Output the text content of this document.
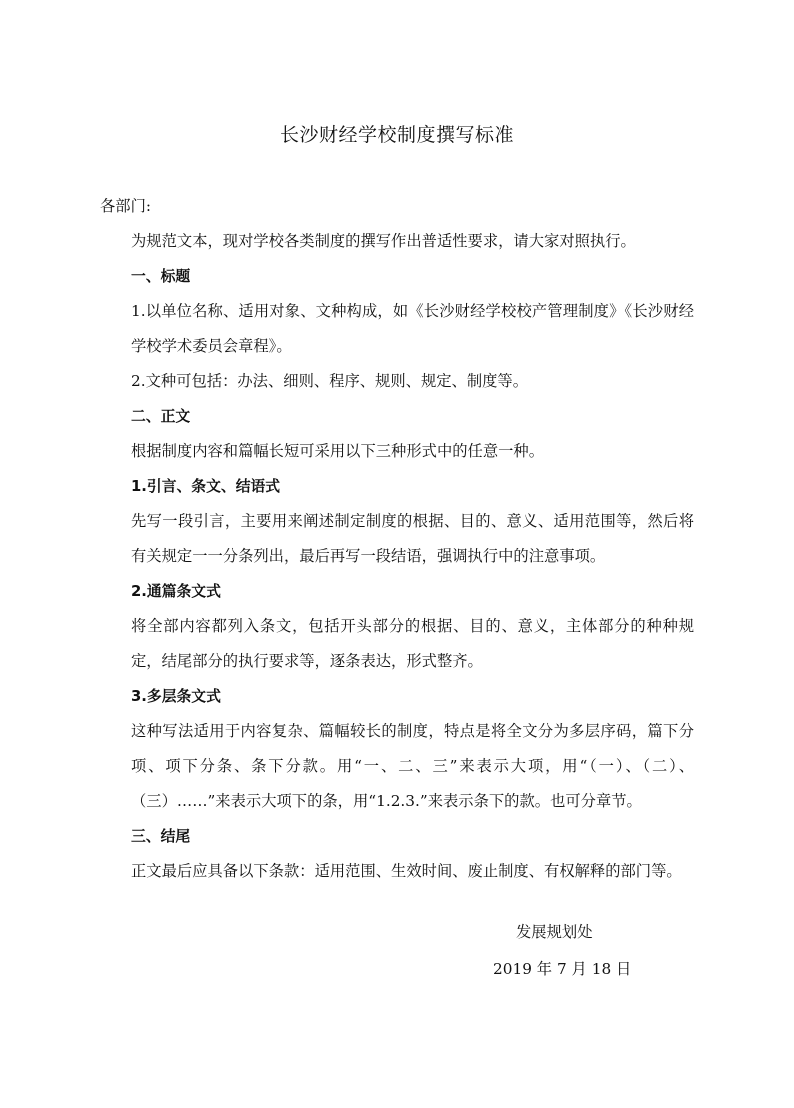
长沙财经学校制度撰写标准

各部门:

为规范文本，现对学校各类制度的撰写作出普适性要求，请大家对照执行。

一、标题

1.以单位名称、适用对象、文种构成，如《长沙财经学校校产管理制度》《长沙财经学校学术委员会章程》。

2.文种可包括：办法、细则、程序、规则、规定、制度等。

二、正文

根据制度内容和篇幅长短可采用以下三种形式中的任意一种。

1.引言、条文、结语式

先写一段引言，主要用来阐述制定制度的根据、目的、意义、适用范围等，然后将有关规定一一分条列出，最后再写一段结语，强调执行中的注意事项。

2.通篇条文式

将全部内容都列入条文，包括开头部分的根据、目的、意义，主体部分的种种规定，结尾部分的执行要求等，逐条表达，形式整齐。

3.多层条文式

这种写法适用于内容复杂、篇幅较长的制度，特点是将全文分为多层序码，篇下分项、项下分条、条下分款。用“一、二、三”来表示大项，用“（一）、（二）、（三）……”来表示大项下的条，用“1.2.3.”来表示条下的款。也可分章节。

三、结尾

正文最后应具备以下条款：适用范围、生效时间、废止制度、有权解释的部门等。

发展规划处
2019 年 7 月 18 日
